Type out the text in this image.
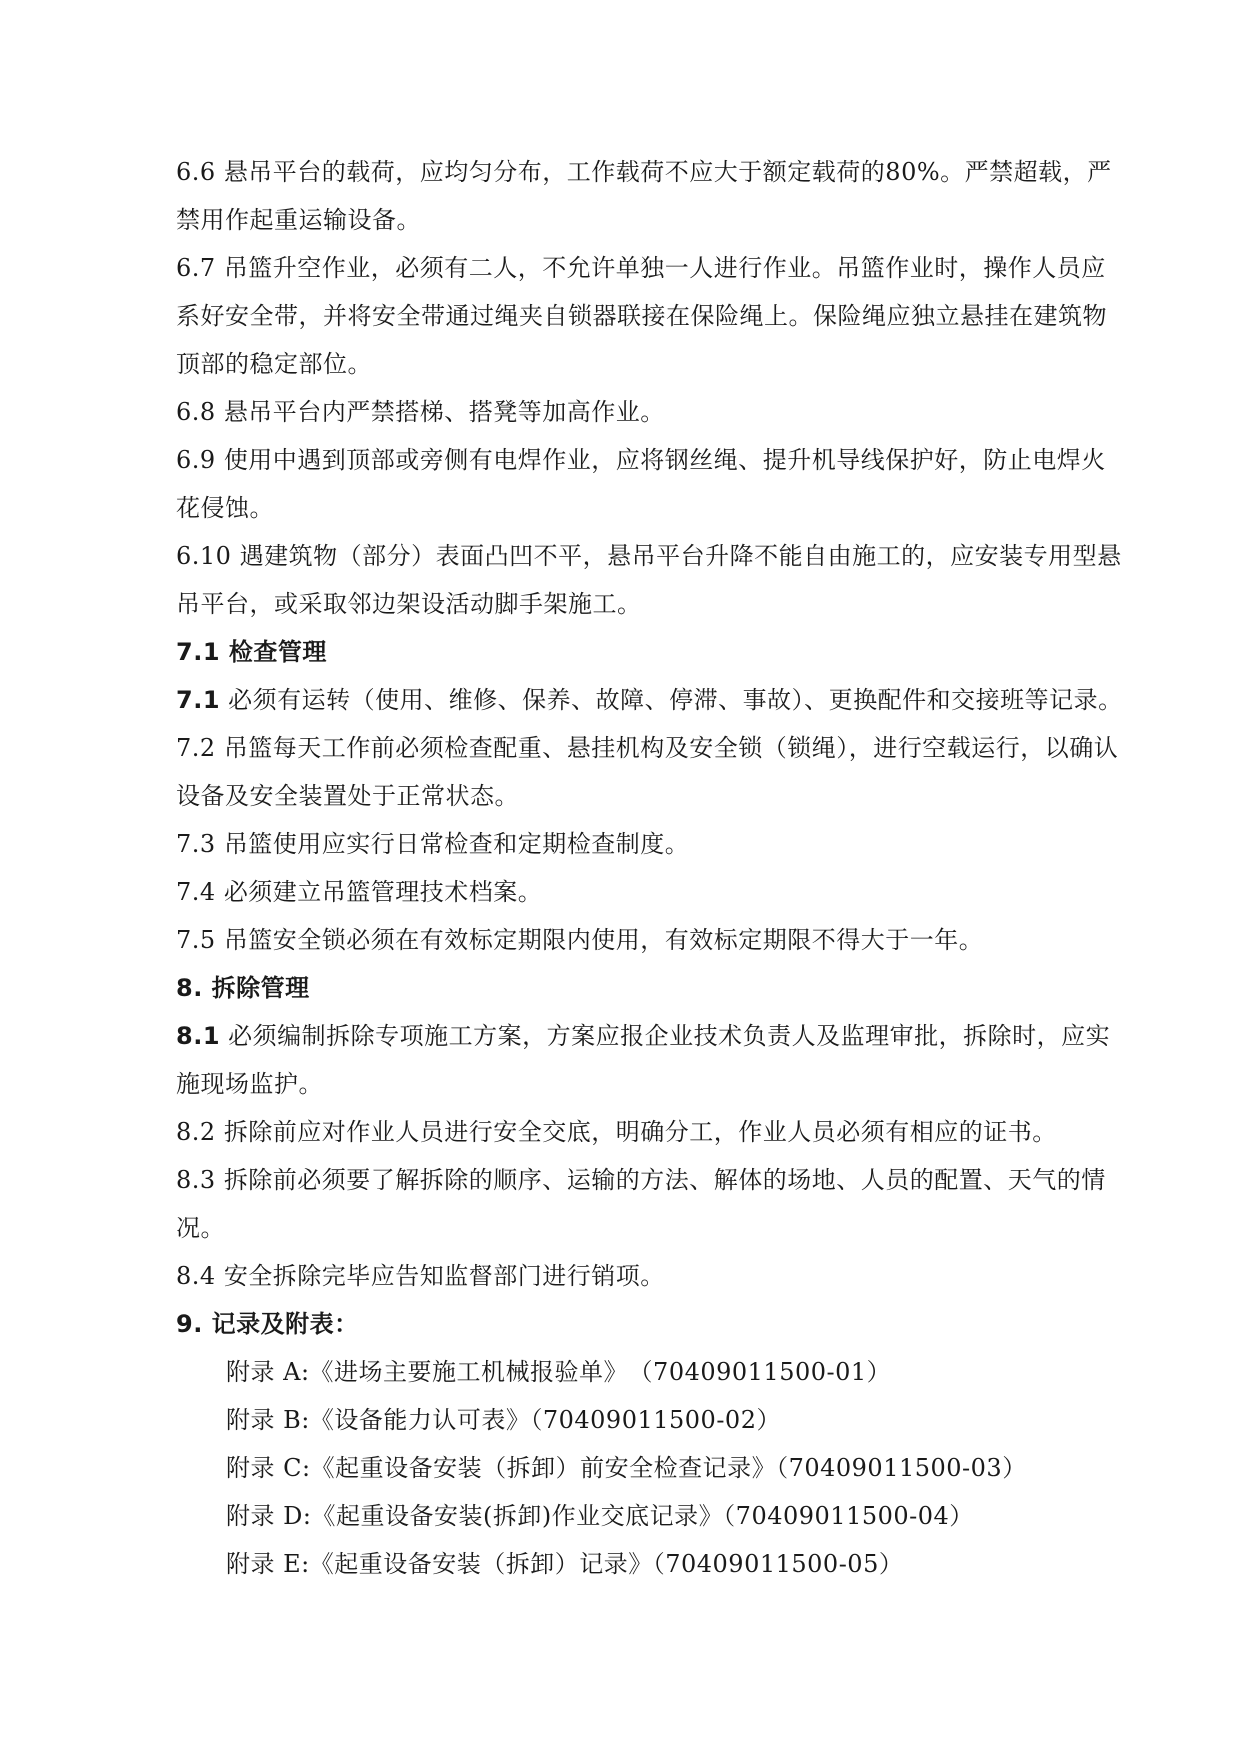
6.6 悬吊平台的载荷，应均匀分布，工作载荷不应大于额定载荷的80%。严禁超载，严禁用作起重运输设备。

6.7 吊篮升空作业，必须有二人，不允许单独一人进行作业。吊篮作业时，操作人员应系好安全带，并将安全带通过绳夹自锁器联接在保险绳上。保险绳应独立悬挂在建筑物顶部的稳定部位。

6.8 悬吊平台内严禁搭梯、搭凳等加高作业。

6.9 使用中遇到顶部或旁侧有电焊作业，应将钢丝绳、提升机导线保护好，防止电焊火花侵蚀。

6.10 遇建筑物（部分）表面凸凹不平，悬吊平台升降不能自由施工的，应安装专用型悬吊平台，或采取邻边架设活动脚手架施工。

7.1 检查管理

7.1 必须有运转（使用、维修、保养、故障、停滞、事故）、更换配件和交接班等记录。

7.2 吊篮每天工作前必须检查配重、悬挂机构及安全锁（锁绳），进行空载运行，以确认设备及安全装置处于正常状态。

7.3 吊篮使用应实行日常检查和定期检查制度。

7.4 必须建立吊篮管理技术档案。

7.5 吊篮安全锁必须在有效标定期限内使用，有效标定期限不得大于一年。

8. 拆除管理

8.1 必须编制拆除专项施工方案，方案应报企业技术负责人及监理审批，拆除时，应实施现场监护。

8.2 拆除前应对作业人员进行安全交底，明确分工，作业人员必须有相应的证书。

8.3 拆除前必须要了解拆除的顺序、运输的方法、解体的场地、人员的配置、天气的情况。

8.4 安全拆除完毕应告知监督部门进行销项。

9. 记录及附表：

附录 A:《进场主要施工机械报验单》　（70409011500-01）

附录 B:《设备能力认可表》（70409011500-02）

附录 C:《起重设备安装（拆卸）前安全检查记录》（70409011500-03）

附录 D:《起重设备安装(拆卸)作业交底记录》（70409011500-04）

附录 E:《起重设备安装（拆卸）记录》（70409011500-05）
